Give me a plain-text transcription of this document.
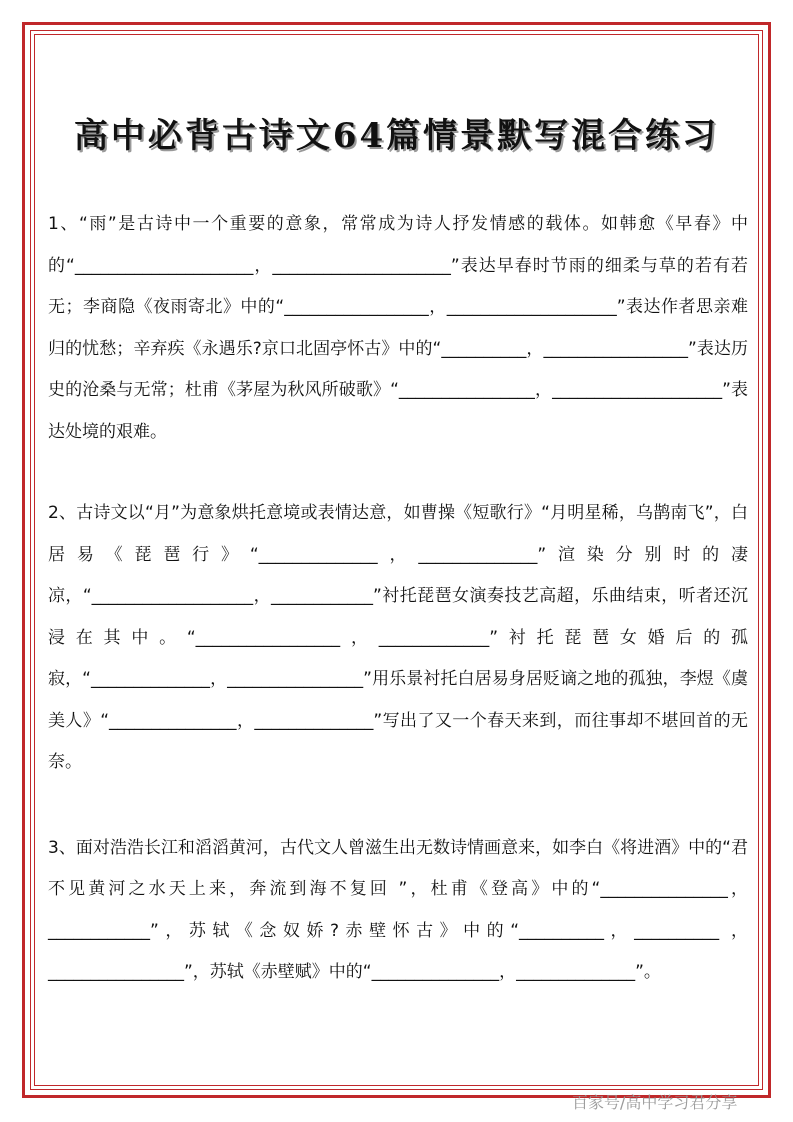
高中必背古诗文64篇情景默写混合练习

1、“雨”是古诗中一个重要的意象，常常成为诗人抒发情感的载体。如韩愈《早春》中的“_____________________，_____________________”表达早春时节雨的细柔与草的若有若无；李商隐《夜雨寄北》中的“_________________，____________________”表达作者思亲难归的忧愁；辛弃疾《永遇乐?京口北固亭怀古》中的“__________，_________________”表达历史的沧桑与无常；杜甫《茅屋为秋风所破歌》“________________，____________________”表达处境的艰难。

2、古诗文以“月”为意象烘托意境或表情达意，如曹操《短歌行》“月明星稀，乌鹊南飞”，白居易《琵琶行》“______________，______________”渲染分别时的凄凉，“___________________，____________”衬托琵琶女演奏技艺高超，乐曲结束，听者还沉浸在其中。“_________________，_____________”衬托琵琶女婚后的孤寂，“______________，________________”用乐景衬托白居易身居贬谪之地的孤独，李煜《虞美人》“_______________，______________”写出了又一个春天来到，而往事却不堪回首的无奈。

3、面对浩浩长江和滔滔黄河，古代文人曾滋生出无数诗情画意来，如李白《将进酒》中的“君不见黄河之水天上来，奔流到海不复回 ”，杜甫《登高》中的“_______________，____________”，苏轼《念奴娇?赤壁怀古》中的“__________，__________ ，________________”，苏轼《赤壁赋》中的“_______________，______________”。

百家号/高中学习君分享
